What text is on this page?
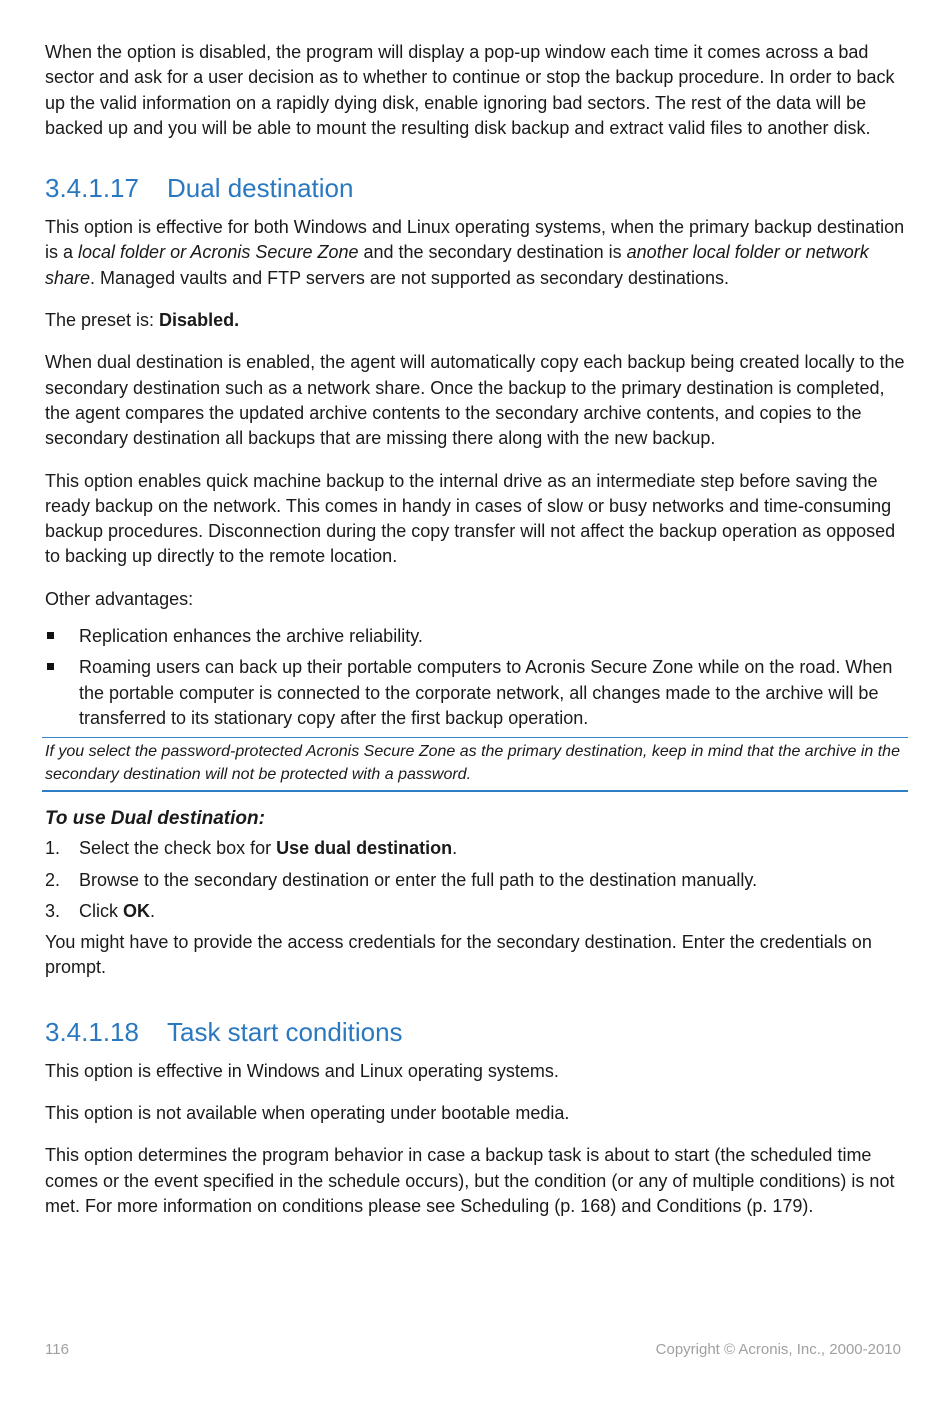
When the option is disabled, the program will display a pop-up window each time it comes across a bad sector and ask for a user decision as to whether to continue or stop the backup procedure. In order to back up the valid information on a rapidly dying disk, enable ignoring bad sectors. The rest of the data will be backed up and you will be able to mount the resulting disk backup and extract valid files to another disk.

3.4.1.17 Dual destination

This option is effective for both Windows and Linux operating systems, when the primary backup destination is a local folder or Acronis Secure Zone and the secondary destination is another local folder or network share. Managed vaults and FTP servers are not supported as secondary destinations.

The preset is: Disabled.

When dual destination is enabled, the agent will automatically copy each backup being created locally to the secondary destination such as a network share. Once the backup to the primary destination is completed, the agent compares the updated archive contents to the secondary archive contents, and copies to the secondary destination all backups that are missing there along with the new backup.

This option enables quick machine backup to the internal drive as an intermediate step before saving the ready backup on the network. This comes in handy in cases of slow or busy networks and time-consuming backup procedures. Disconnection during the copy transfer will not affect the backup operation as opposed to backing up directly to the remote location.

Other advantages:

Replication enhances the archive reliability.
Roaming users can back up their portable computers to Acronis Secure Zone while on the road. When the portable computer is connected to the corporate network, all changes made to the archive will be transferred to its stationary copy after the first backup operation.
If you select the password-protected Acronis Secure Zone as the primary destination, keep in mind that the archive in the secondary destination will not be protected with a password.

To use Dual destination:

1. Select the check box for Use dual destination.
2. Browse to the secondary destination or enter the full path to the destination manually.
3. Click OK.

You might have to provide the access credentials for the secondary destination. Enter the credentials on prompt.

3.4.1.18 Task start conditions

This option is effective in Windows and Linux operating systems.

This option is not available when operating under bootable media.

This option determines the program behavior in case a backup task is about to start (the scheduled time comes or the event specified in the schedule occurs), but the condition (or any of multiple conditions) is not met. For more information on conditions please see Scheduling (p. 168) and Conditions (p. 179).

116	Copyright © Acronis, Inc., 2000-2010
